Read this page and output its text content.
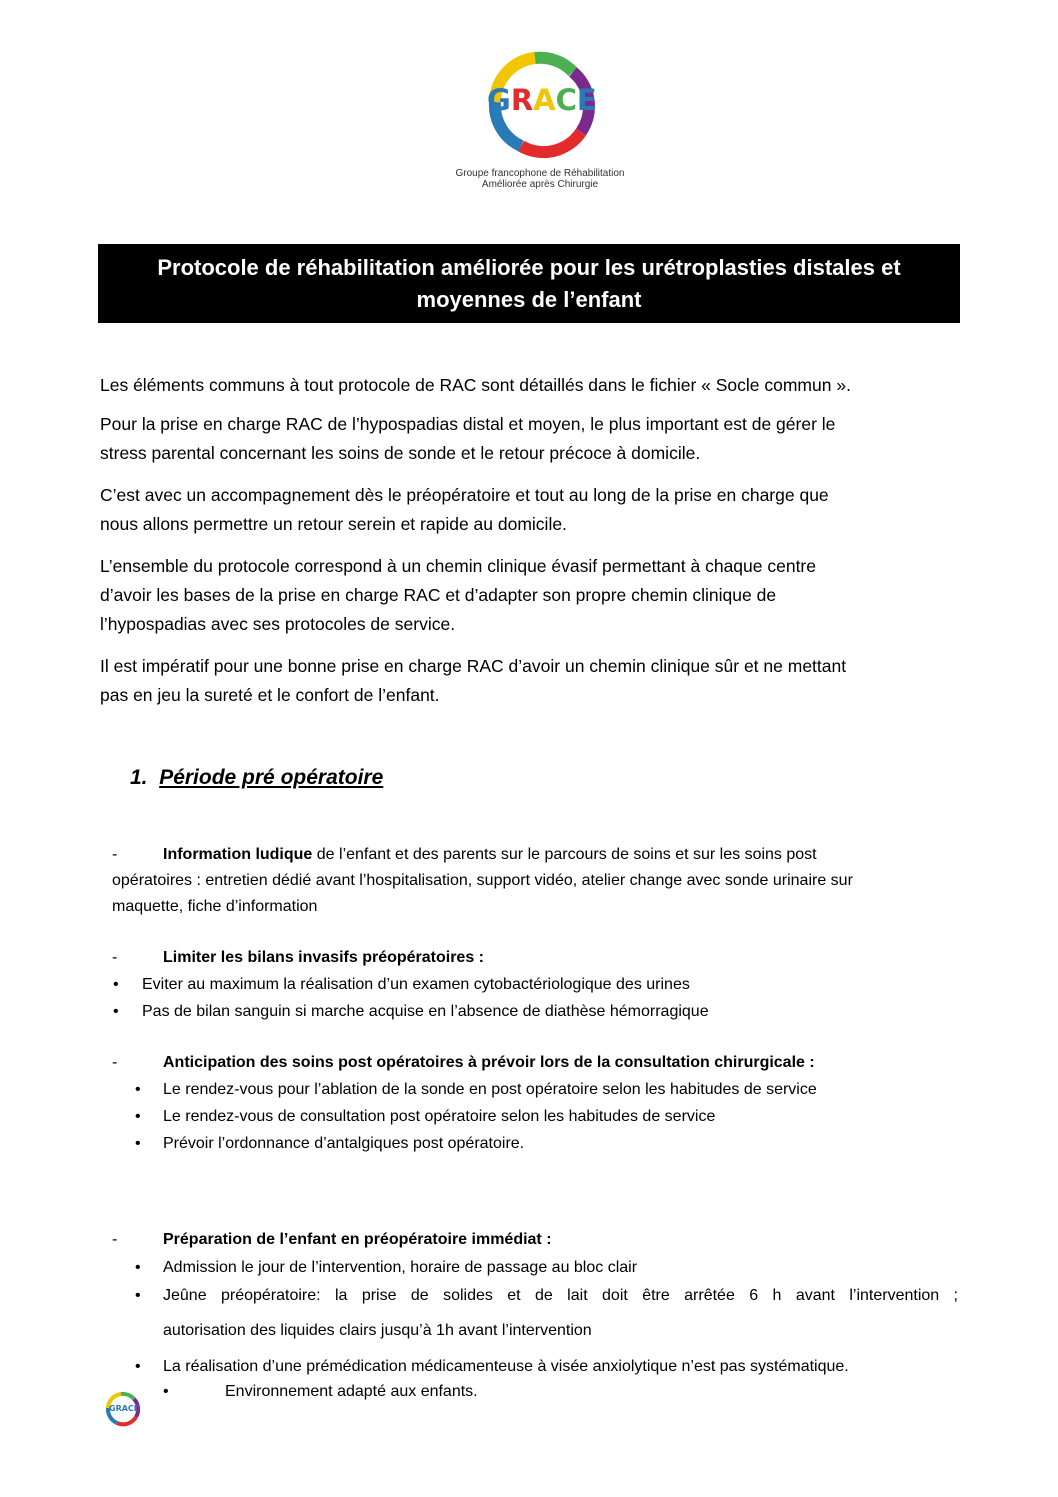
GRACE
Groupe francophone de Réhabilitation
Améliorée après Chirurgie
Protocole de réhabilitation améliorée pour les urétroplasties distales et
moyennes de l’enfant
Les éléments communs à tout protocole de RAC sont détaillés dans le fichier « Socle commun ».
Pour la prise en charge RAC de l’hypospadias distal et moyen, le plus important est de gérer le
stress parental concernant les soins de sonde et le retour précoce à domicile.
C’est avec un accompagnement dès le préopératoire et tout au long de la prise en charge que
nous allons permettre un retour serein et rapide au domicile.
L’ensemble du protocole correspond à un chemin clinique évasif permettant à chaque centre
d’avoir les bases de la prise en charge RAC et d’adapter son propre chemin clinique de
l’hypospadias avec ses protocoles de service.
Il est impératif pour une bonne prise en charge RAC d’avoir un chemin clinique sûr et ne mettant
pas en jeu la sureté et le confort de l’enfant.
1. Période pré opératoire
-	Information ludique de l’enfant et des parents sur le parcours de soins et sur les soins post
opératoires : entretien dédié avant l’hospitalisation, support vidéo, atelier change avec sonde urinaire sur
maquette, fiche d’information
-	Limiter les bilans invasifs préopératoires :
• Eviter au maximum la réalisation d’un examen cytobactériologique des urines
• Pas de bilan sanguin si marche acquise en l’absence de diathèse hémorragique
-	Anticipation des soins post opératoires à prévoir lors de la consultation chirurgicale :
• Le rendez-vous pour l’ablation de la sonde en post opératoire selon les habitudes de service
• Le rendez-vous de consultation post opératoire selon les habitudes de service
• Prévoir l’ordonnance d’antalgiques post opératoire.
-	Préparation de l’enfant en préopératoire immédiat :
• Admission le jour de l’intervention, horaire de passage au bloc clair
• Jeûne préopératoire: la prise de solides et de lait doit être arrêtée 6 h avant l’intervention ;
autorisation des liquides clairs jusqu’à 1h avant l’intervention
• La réalisation d’une prémédication médicamenteuse à visée anxiolytique n’est pas systématique.
•	Environnement adapté aux enfants.
GRACE
